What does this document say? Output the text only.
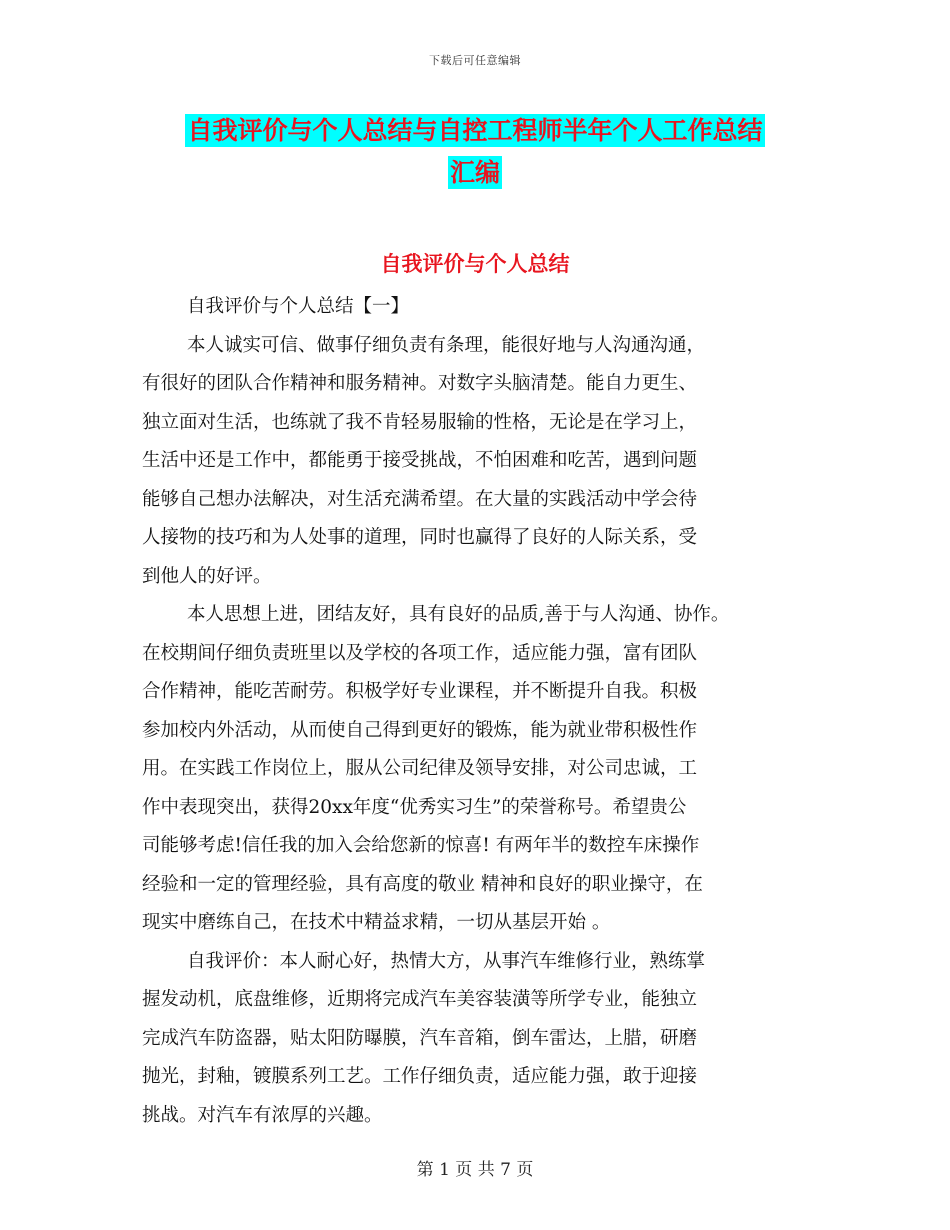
下载后可任意编辑
自我评价与个人总结与自控工程师半年个人工作总结
汇编
自我评价与个人总结
自我评价与个人总结【一】
本人诚实可信、做事仔细负责有条理，能很好地与人沟通沟通，
有很好的团队合作精神和服务精神。对数字头脑清楚。能自力更生、
独立面对生活，也练就了我不肯轻易服输的性格，无论是在学习上，
生活中还是工作中，都能勇于接受挑战，不怕困难和吃苦，遇到问题
能够自己想办法解决，对生活充满希望。在大量的实践活动中学会待
人接物的技巧和为人处事的道理，同时也赢得了良好的人际关系，受
到他人的好评。
本人思想上进，团结友好，具有良好的品质,善于与人沟通、协作。
在校期间仔细负责班里以及学校的各项工作，适应能力强，富有团队
合作精神，能吃苦耐劳。积极学好专业课程，并不断提升自我。积极
参加校内外活动，从而使自己得到更好的锻炼，能为就业带积极性作
用。在实践工作岗位上，服从公司纪律及领导安排，对公司忠诚，工
作中表现突出，获得20xx年度“优秀实习生”的荣誉称号。希望贵公
司能够考虑!信任我的加入会给您新的惊喜! 有两年半的数控车床操作
经验和一定的管理经验，具有高度的敬业 精神和良好的职业操守，在
现实中磨练自己，在技术中精益求精，一切从基层开始 。
自我评价：本人耐心好，热情大方，从事汽车维修行业，熟练掌
握发动机，底盘维修，近期将完成汽车美容装潢等所学专业，能独立
完成汽车防盗器，贴太阳防曝膜，汽车音箱，倒车雷达，上腊，研磨
抛光，封釉，镀膜系列工艺。工作仔细负责，适应能力强，敢于迎接
挑战。对汽车有浓厚的兴趣。
第 1 页 共 7 页
